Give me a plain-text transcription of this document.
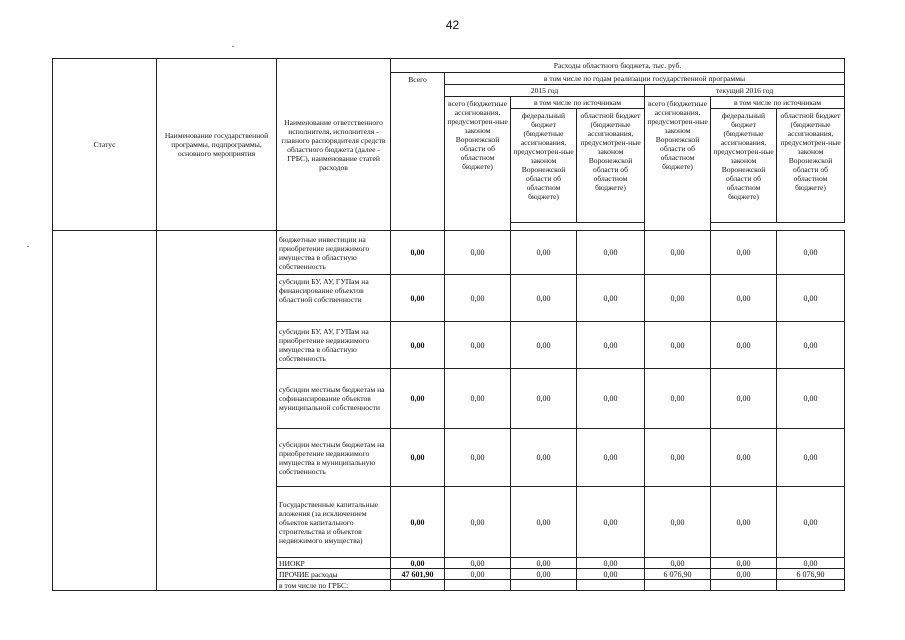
42
Статус	Наименование государственной программы, подпрограммы, основного мероприятия	Наименование ответственного исполнителя, исполнителя - главного распорядителя средств областного бюджета (далее - ГРБС), наименование статей расходов	Расходы областного бюджета, тыс. руб.						
			Всего	в том числе по годам реализации государственной программы					
				2015 год			текущий 2016 год		
				всего (бюджетные ассигнования, предусмотрен-ные законом Воронежской области об областном бюджете)	в том числе по источникам		всего (бюджетные ассигнования, предусмотрен-ные законом Воронежской области об областном бюджете)	в том числе по источникам	
					федеральный бюджет (бюджетные ассигнования, предусмотрен-ные законом Воронежской области об областном бюджете)	областной бюджет (бюджетные ассигнования, предусмотрен-ные законом Воронежской области об областном бюджете)		федеральный бюджет (бюджетные ассигнования, предусмотрен-ные законом Воронежской области об областном бюджете)	областной бюджет (бюджетные ассигнования, предусмотрен-ные законом Воронежской области об областном бюджете)

		бюджетные инвестиции на приобретение недвижимого имущества в областную собственность	0,00	0,00	0,00	0,00	0,00	0,00	0,00
		субсидии БУ, АУ, ГУПам на финансирование объектов областной собственности	0,00	0,00	0,00	0,00	0,00	0,00	0,00
		субсидии БУ, АУ, ГУПам на приобретение недвижимого имущества в областную собственность	0,00	0,00	0,00	0,00	0,00	0,00	0,00
		субсидии местным бюджетам на софинансирование объектов муниципальной собственности	0,00	0,00	0,00	0,00	0,00	0,00	0,00
		субсидии местным бюджетам на приобретение недвижимого имущества в муниципальную собственность	0,00	0,00	0,00	0,00	0,00	0,00	0,00
		Государственные капитальные вложения (за исключением объектов капитального строительства и объектов недвижимого имущества)	0,00	0,00	0,00	0,00	0,00	0,00	0,00
		НИОКР	0,00	0,00	0,00	0,00	0,00	0,00	0,00
		ПРОЧИЕ расходы	47 601,90	0,00	0,00	0,00	6 076,90	0,00	6 076,90
		в том числе по ГРБС:							
